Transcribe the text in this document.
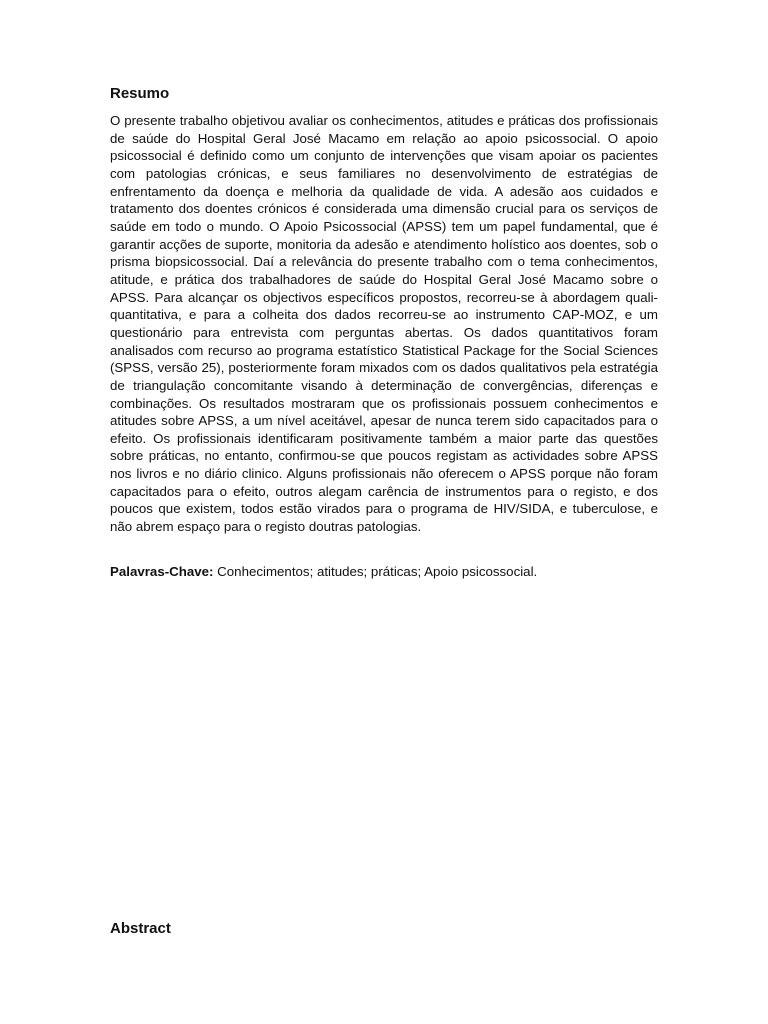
Resumo

O presente trabalho objetivou avaliar os conhecimentos, atitudes e práticas dos profissionais de saúde do Hospital Geral José Macamo em relação ao apoio psicossocial. O apoio psicossocial é definido como um conjunto de intervenções que visam apoiar os pacientes com patologias crónicas, e seus familiares no desenvolvimento de estratégias de enfrentamento da doença e melhoria da qualidade de vida. A adesão aos cuidados e tratamento dos doentes crónicos é considerada uma dimensão crucial para os serviços de saúde em todo o mundo. O Apoio Psicossocial (APSS) tem um papel fundamental, que é garantir acções de suporte, monitoria da adesão e atendimento holístico aos doentes, sob o prisma biopsicossocial. Daí a relevância do presente trabalho com o tema conhecimentos, atitude, e prática dos trabalhadores de saúde do Hospital Geral José Macamo sobre o APSS. Para alcançar os objectivos específicos propostos, recorreu-se à abordagem quali-quantitativa, e para a colheita dos dados recorreu-se ao instrumento CAP-MOZ, e um questionário para entrevista com perguntas abertas. Os dados quantitativos foram analisados com recurso ao programa estatístico Statistical Package for the Social Sciences (SPSS, versão 25), posteriormente foram mixados com os dados qualitativos pela estratégia de triangulação concomitante visando à determinação de convergências, diferenças e combinações. Os resultados mostraram que os profissionais possuem conhecimentos e atitudes sobre APSS, a um nível aceitável, apesar de nunca terem sido capacitados para o efeito. Os profissionais identificaram positivamente também a maior parte das questões sobre práticas, no entanto, confirmou-se que poucos registam as actividades sobre APSS nos livros e no diário clinico. Alguns profissionais não oferecem o APSS porque não foram capacitados para o efeito, outros alegam carência de instrumentos para o registo, e dos poucos que existem, todos estão virados para o programa de HIV/SIDA, e tuberculose, e não abrem espaço para o registo doutras patologias.

Palavras-Chave: Conhecimentos; atitudes; práticas; Apoio psicossocial.

Abstract
